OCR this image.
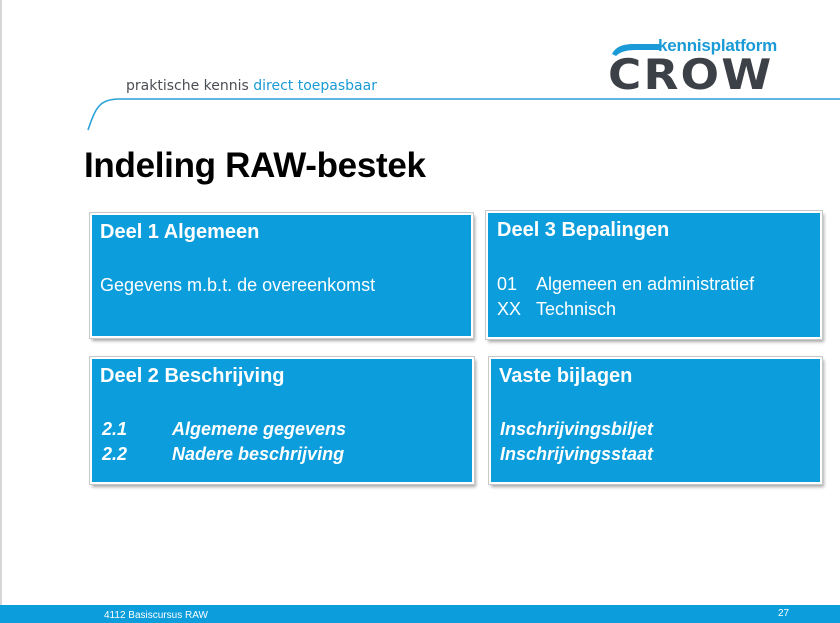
praktische kennis direct toepasbaar
kennisplatform
CROW
Indeling RAW-bestek
Deel 1 Algemeen
Gegevens m.b.t. de overeenkomst
Deel 3 Bepalingen
01 Algemeen en administratief
XX Technisch
Deel 2 Beschrijving
2.1 Algemene gegevens
2.2 Nadere beschrijving
Vaste bijlagen
Inschrijvingsbiljet
Inschrijvingsstaat
4112 Basiscursus RAW	27
